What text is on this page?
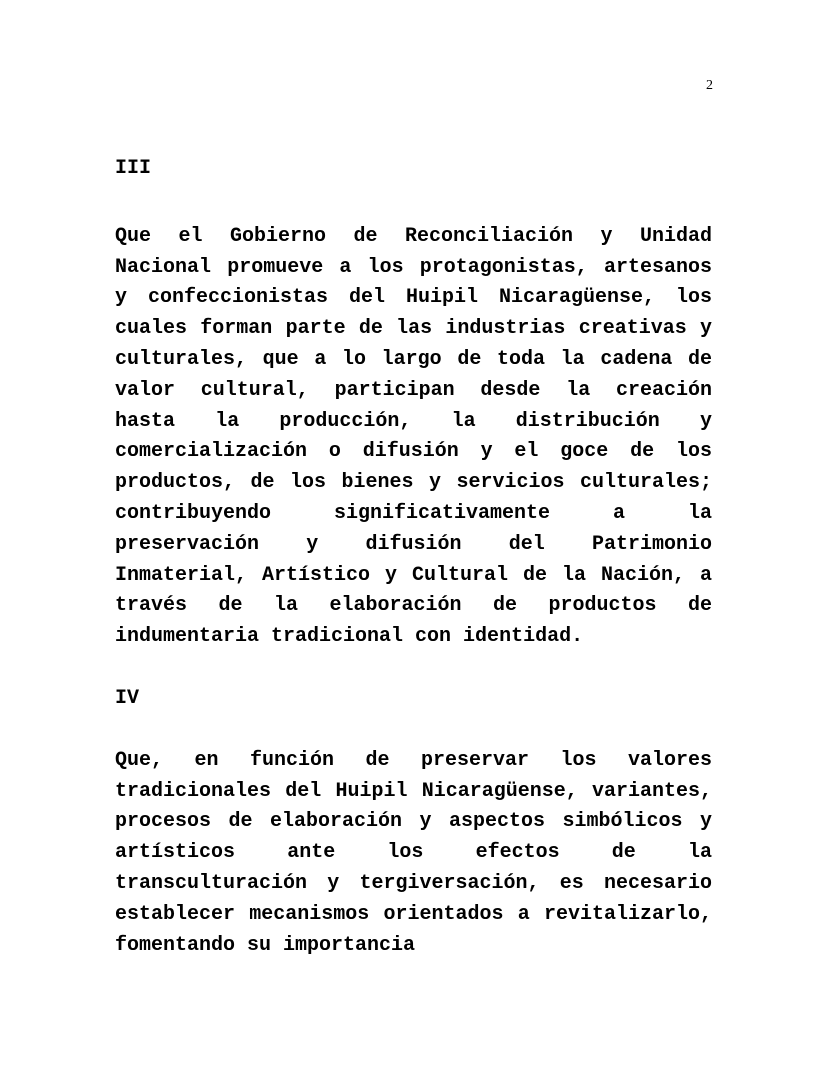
2

III

Que el Gobierno de Reconciliación y Unidad Nacional promueve a los protagonistas, artesanos y confeccionistas del Huipil Nicaragüense, los cuales forman parte de las industrias creativas y culturales, que a lo largo de toda la cadena de valor cultural, participan desde la creación hasta la producción, la distribución y comercialización o difusión y el goce de los productos, de los bienes y servicios culturales; contribuyendo significativamente a la preservación y difusión del Patrimonio Inmaterial, Artístico y Cultural de la Nación, a través de la elaboración de productos de indumentaria tradicional con identidad.

IV

Que, en función de preservar los valores tradicionales del Huipil Nicaragüense, variantes, procesos de elaboración y aspectos simbólicos y artísticos ante los efectos de la transculturación y tergiversación, es necesario establecer mecanismos orientados a revitalizarlo, fomentando su importancia
